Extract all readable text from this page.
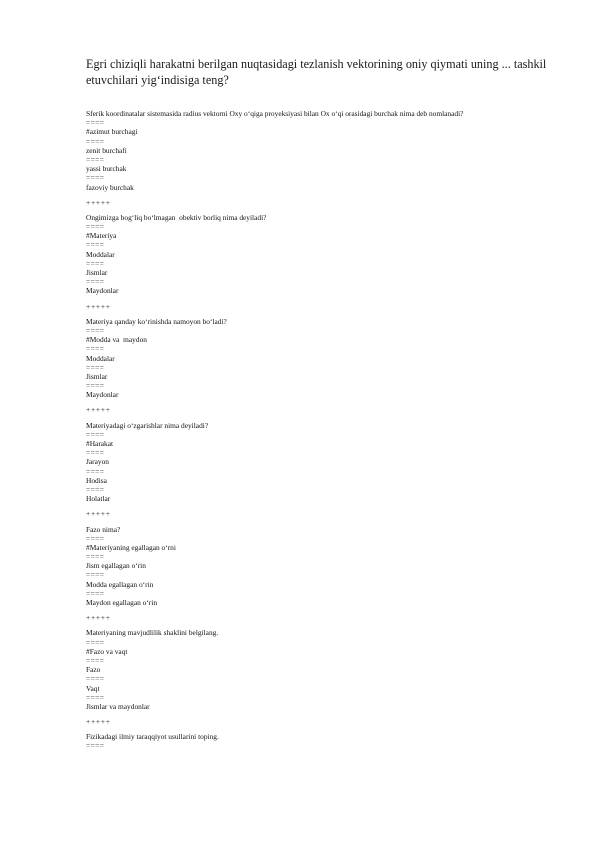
Egri chiziqli harakatni berilgan nuqtasidagi tezlanish vektorining oniy qiymati uning ... tashkil etuvchilari yig‘indisiga teng?

Sferik koordinatalar sistemasida radius vektorni Oxy o‘qiga proyeksiyasi bilan Ox o‘qi orasidagi burchak nima deb nomlanadi?
====
#azimut burchagi
====
zenit burchafi
====
yassi burchak
====
fazoviy burchak
+++++
Ongimizga bog‘liq bo‘lmagan  obektiv borliq nima deyiladi?
====
#Materiya
====
Moddalar
====
Jismlar
====
Maydonlar
+++++
Materiya qanday ko‘rinishda namoyon bo‘ladi?
====
#Modda va  maydon
====
Moddalar
====
Jismlar
====
Maydonlar
+++++
Materiyadagi o‘zgarishlar nima deyiladi?
====
#Harakat
====
Jarayon
====
Hodisa
====
Holatlar
+++++
Fazo nima?
====
#Materiyaning egallagan o‘rni
====
Jism egallagan o‘rin
====
Modda egallagan o‘rin
====
Maydon egallagan o‘rin
+++++
Materiyaning mavjudlilik shaklini belgilang.
====
#Fazo va vaqt
====
Fazo
====
Vaqt
====
Jismlar va maydonlar
+++++
Fizikadagi ilmiy taraqqiyot usullarini toping.
====
